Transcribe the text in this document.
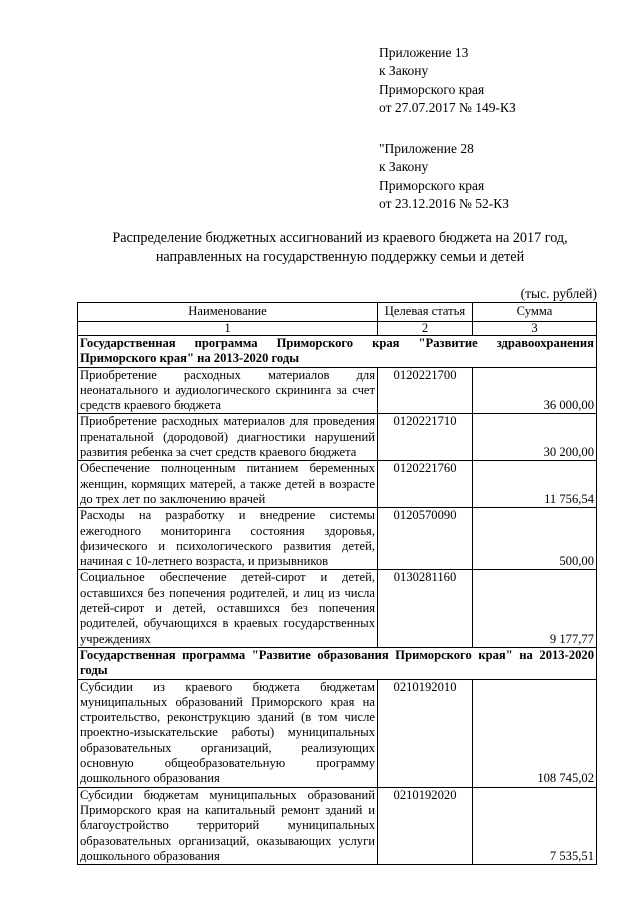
Приложение 13

к Закону

Приморского края

от 27.07.2017 № 149-КЗ

"Приложение 28

к Закону

Приморского края

от 23.12.2016 № 52-КЗ

Распределение бюджетных ассигнований из краевого бюджета на 2017 год,

направленных на государственную поддержку семьи и детей

(тыс. рублей)
Наименование	Целевая статья	Сумма
1	2	3
Государственная программа Приморского края "Развитие здравоохранения Приморского края" на 2013-2020 годы		
Приобретение расходных материалов для неонатального и аудиологического скрининга за счет средств краевого бюджета	0120221700	36 000,00
Приобретение расходных материалов для проведения пренатальной (дородовой) диагностики нарушений развития ребенка за счет средств краевого бюджета	0120221710	30 200,00
Обеспечение полноценным питанием беременных женщин, кормящих матерей, а также детей в возрасте до трех лет по заключению врачей	0120221760	11 756,54
Расходы на разработку и внедрение системы ежегодного мониторинга состояния здоровья, физического и психологического развития детей, начиная с 10-летнего возраста, и призывников	0120570090	500,00
Социальное обеспечение детей-сирот и детей, оставшихся без попечения родителей, и лиц из числа детей-сирот и детей, оставшихся без попечения родителей, обучающихся в краевых государственных учреждениях	0130281160	9 177,77
Государственная программа "Развитие образования Приморского края" на 2013-2020 годы		
Субсидии из краевого бюджета бюджетам муниципальных образований Приморского края на строительство, реконструкцию зданий (в том числе проектно-изыскательские работы) муниципальных образовательных организаций, реализующих основную общеобразовательную программу дошкольного образования	0210192010	108 745,02
Субсидии бюджетам муниципальных образований Приморского края на капитальный ремонт зданий и благоустройство территорий муниципальных образовательных организаций, оказывающих услуги дошкольного образования	0210192020	7 535,51
